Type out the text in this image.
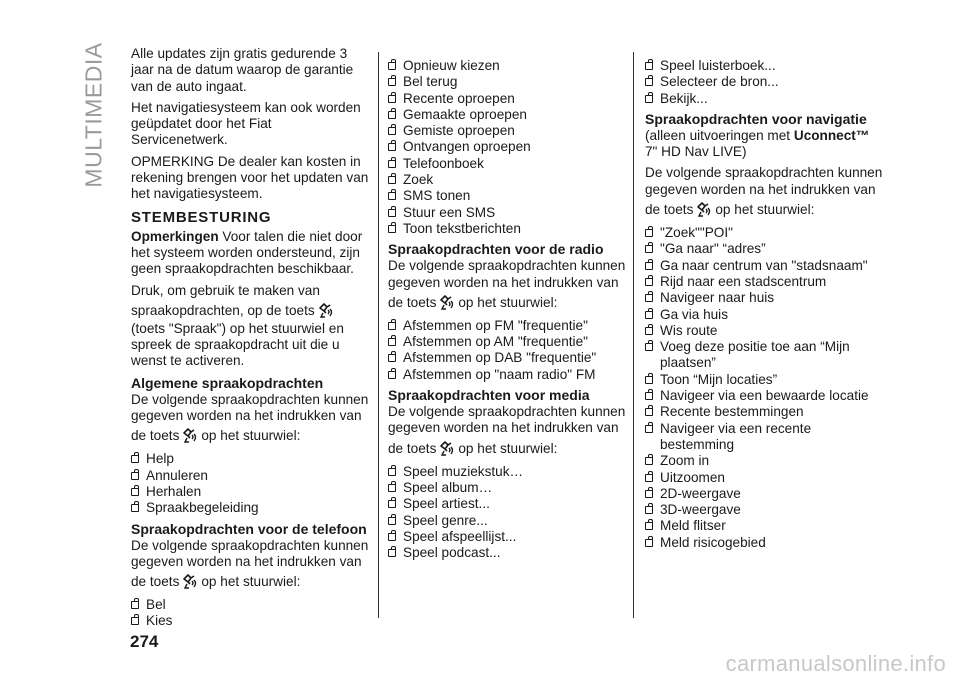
MULTIMEDIA Alle updates zijn gratis gedurende 3 jaar na de datum waarop de garantie van de auto ingaat.

Het navigatiesysteem kan ook worden geüpdatet door het Fiat Servicenetwerk.

OPMERKING De dealer kan kosten in rekening brengen voor het updaten van het navigatiesysteem.

STEMBESTURING

Opmerkingen Voor talen die niet door het systeem worden ondersteund, zijn geen spraakopdrachten beschikbaar.

Druk, om gebruik te maken van spraakopdrachten, op de toets

(toets "Spraak") op het stuurwiel en spreek de spraakopdracht uit die u wenst te activeren.

Algemene spraakopdrachten

De volgende spraakopdrachten kunnen gegeven worden na het indrukken van de toets op het stuurwiel:

Help
Annuleren
Herhalen
Spraakbegeleiding
Spraakopdrachten voor de telefoon

De volgende spraakopdrachten kunnen gegeven worden na het indrukken van de toets op het stuurwiel:

Bel
Kies
Opnieuw kiezen
Bel terug
Recente oproepen
Gemaakte oproepen
Gemiste oproepen
Ontvangen oproepen
Telefoonboek
Zoek
SMS tonen
Stuur een SMS
Toon tekstberichten
Spraakopdrachten voor de radio

De volgende spraakopdrachten kunnen gegeven worden na het indrukken van de toets op het stuurwiel:

Afstemmen op FM "frequentie"
Afstemmen op AM "frequentie"
Afstemmen op DAB "frequentie"
Afstemmen op "naam radio" FM
Spraakopdrachten voor media

De volgende spraakopdrachten kunnen gegeven worden na het indrukken van de toets op het stuurwiel:

Speel muziekstuk…
Speel album…
Speel artiest...
Speel genre...
Speel afspeellijst...
Speel podcast...
Speel luisterboek...
Selecteer de bron...
Bekijk...
Spraakopdrachten voor navigatie

(alleen uitvoeringen met Uconnect™
7" HD Nav LIVE)

De volgende spraakopdrachten kunnen gegeven worden na het indrukken van de toets op het stuurwiel:

"Zoek""POI"
"Ga naar" “adres”
Ga naar centrum van "stadsnaam"
Rijd naar een stadscentrum
Navigeer naar huis
Ga via huis
Wis route
Voeg deze positie toe aan “Mijn plaatsen”
Toon “Mijn locaties”
Navigeer via een bewaarde locatie
Recente bestemmingen
Navigeer via een recente bestemming
Zoom in
Uitzoomen
2D-weergave
3D-weergave
Meld flitser
Meld risicogebied
274
carmanualsonline.info
